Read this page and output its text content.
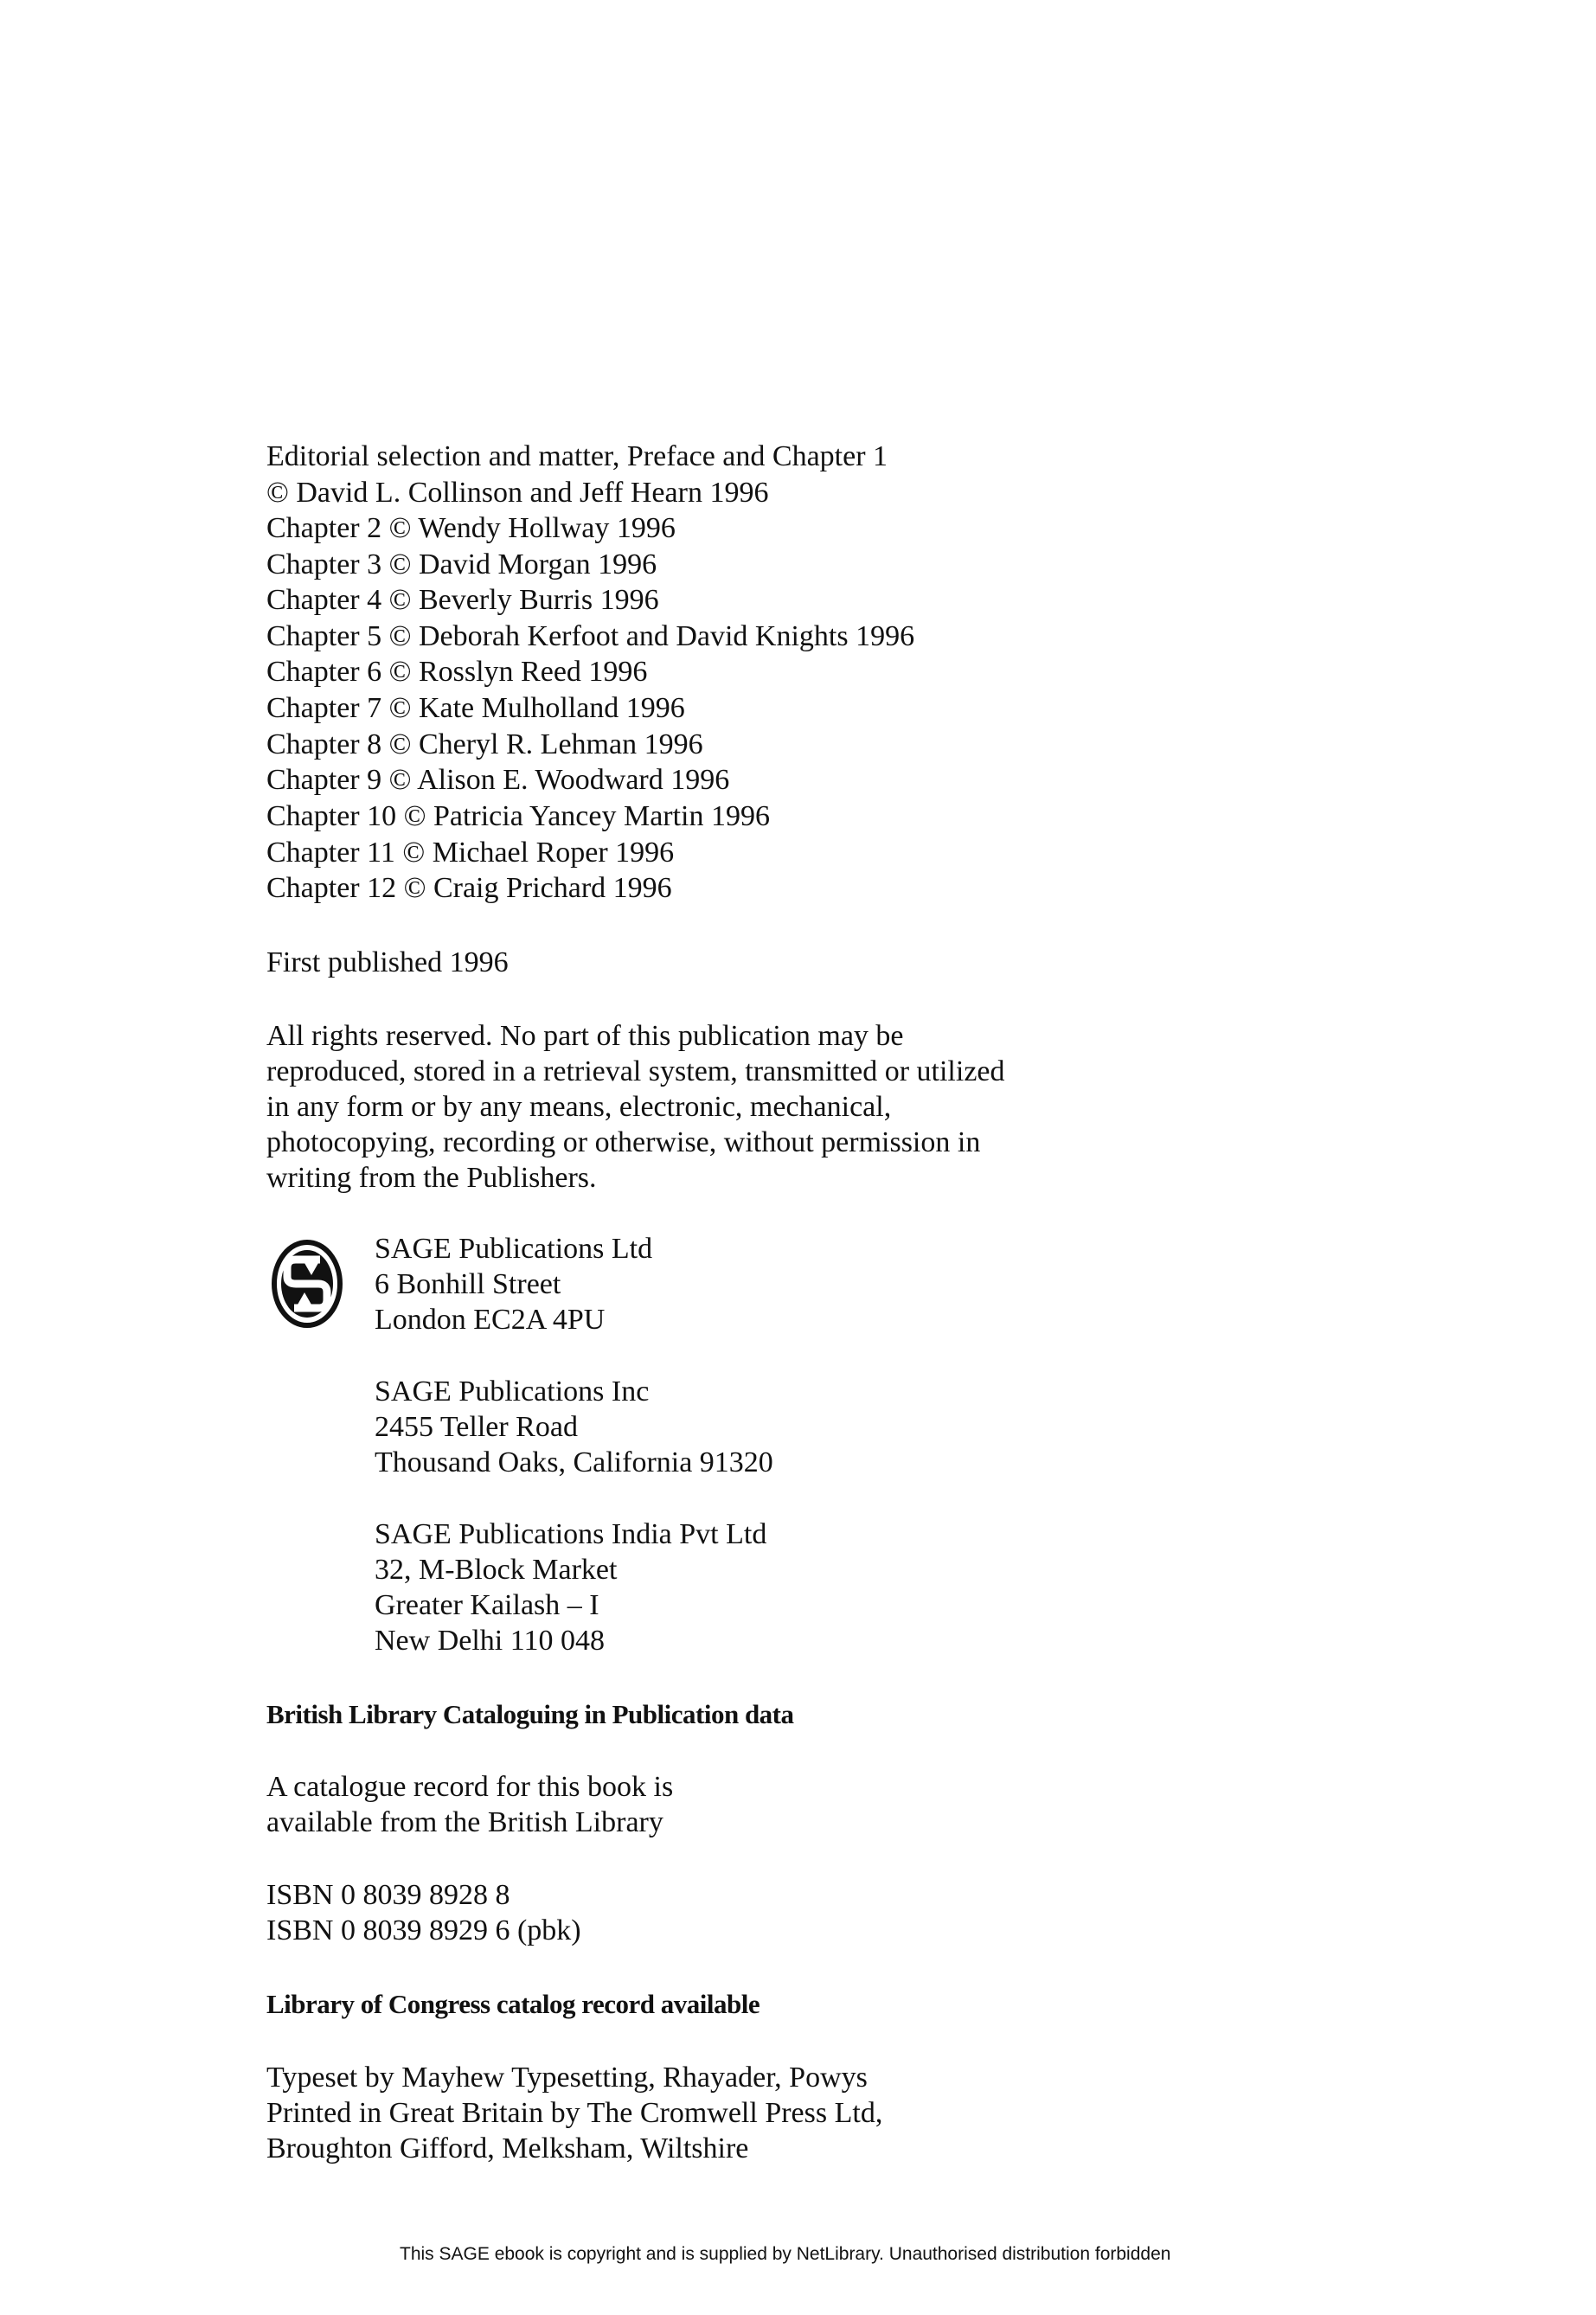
Editorial selection and matter, Preface and Chapter 1
© David L. Collinson and Jeff Hearn 1996
Chapter 2 © Wendy Hollway 1996
Chapter 3 © David Morgan 1996
Chapter 4 © Beverly Burris 1996
Chapter 5 © Deborah Kerfoot and David Knights 1996
Chapter 6 © Rosslyn Reed 1996
Chapter 7 © Kate Mulholland 1996
Chapter 8 © Cheryl R. Lehman 1996
Chapter 9 © Alison E. Woodward 1996
Chapter 10 © Patricia Yancey Martin 1996
Chapter 11 © Michael Roper 1996
Chapter 12 © Craig Prichard 1996
First published 1996
All rights reserved. No part of this publication may be
reproduced, stored in a retrieval system, transmitted or utilized
in any form or by any means, electronic, mechanical,
photocopying, recording or otherwise, without permission in
writing from the Publishers.
S SAGE Publications Ltd
6 Bonhill Street
London EC2A 4PU
SAGE Publications Inc
2455 Teller Road
Thousand Oaks, California 91320
SAGE Publications India Pvt Ltd
32, M-Block Market
Greater Kailash – I
New Delhi 110 048
British Library Cataloguing in Publication data
A catalogue record for this book is
available from the British Library
ISBN 0 8039 8928 8
ISBN 0 8039 8929 6 (pbk)
Library of Congress catalog record available
Typeset by Mayhew Typesetting, Rhayader, Powys
Printed in Great Britain by The Cromwell Press Ltd,
Broughton Gifford, Melksham, Wiltshire
This SAGE ebook is copyright and is supplied by NetLibrary. Unauthorised distribution forbidden
